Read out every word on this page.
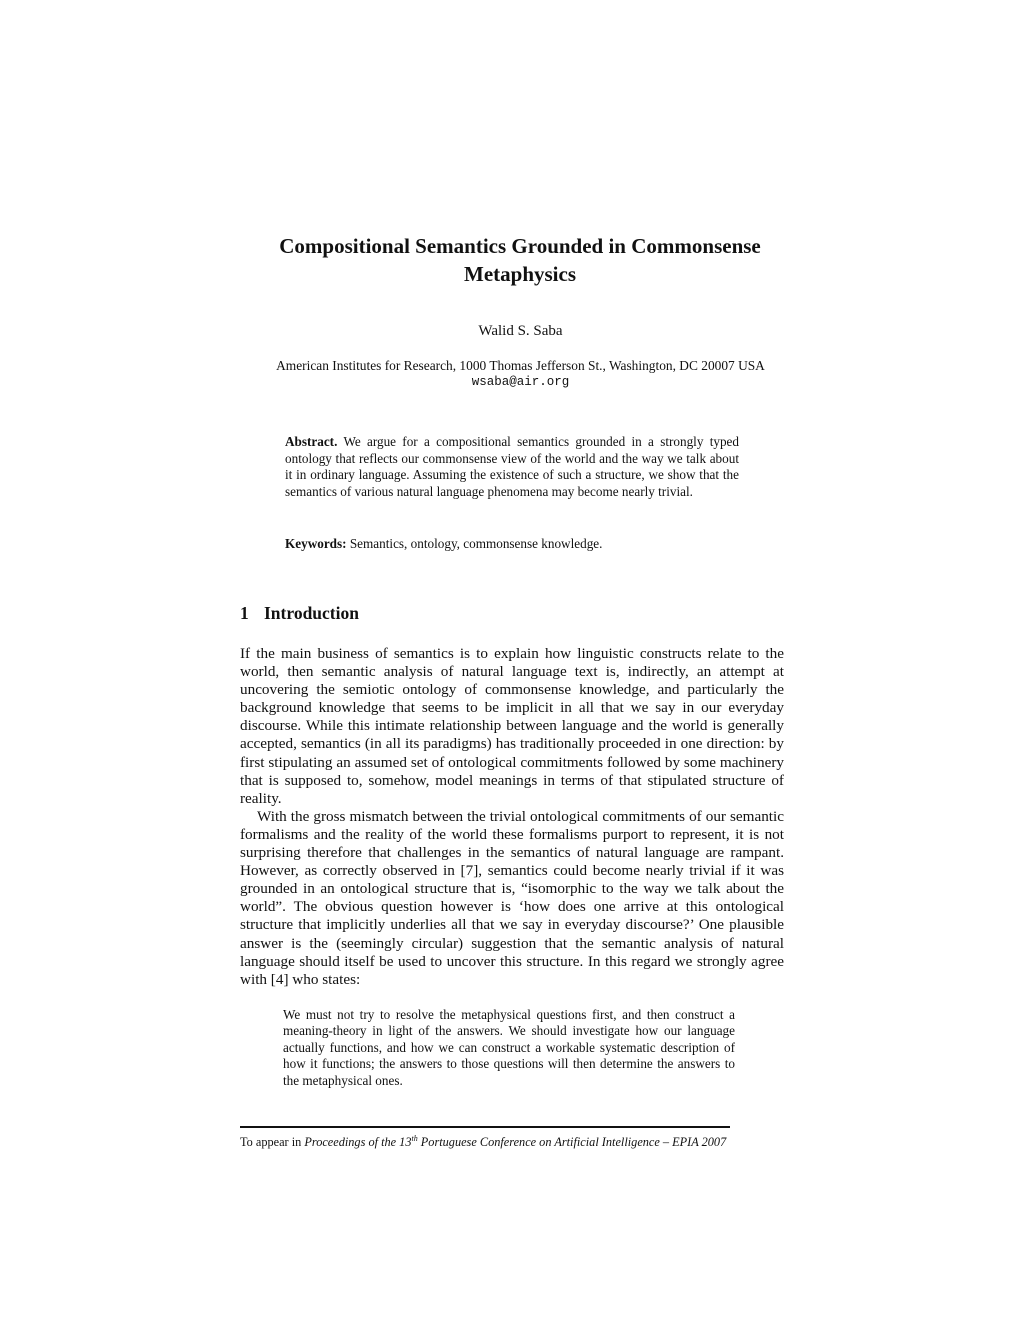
Compositional Semantics Grounded in Commonsense
Metaphysics
Walid S. Saba
American Institutes for Research, 1000 Thomas Jefferson St., Washington, DC 20007 USA
wsaba@air.org
Abstract. We argue for a compositional semantics grounded in a strongly typed ontology that reflects our commonsense view of the world and the way we talk about it in ordinary language. Assuming the existence of such a structure, we show that the semantics of various natural language phenomena may become nearly trivial.
Keywords: Semantics, ontology, commonsense knowledge.
1 Introduction

If the main business of semantics is to explain how linguistic constructs relate to the world, then semantic analysis of natural language text is, indirectly, an attempt at uncovering the semiotic ontology of commonsense knowledge, and particularly the background knowledge that seems to be implicit in all that we say in our everyday discourse. While this intimate relationship between language and the world is generally accepted, semantics (in all its paradigms) has traditionally proceeded in one direction: by first stipulating an assumed set of ontological commitments followed by some machinery that is supposed to, somehow, model meanings in terms of that stipulated structure of reality.

With the gross mismatch between the trivial ontological commitments of our semantic formalisms and the reality of the world these formalisms purport to represent, it is not surprising therefore that challenges in the semantics of natural language are rampant. However, as correctly observed in [7], semantics could become nearly trivial if it was grounded in an ontological structure that is, “isomorphic to the way we talk about the world”. The obvious question however is ‘how does one arrive at this ontological structure that implicitly underlies all that we say in everyday discourse?’ One plausible answer is the (seemingly circular) suggestion that the semantic analysis of natural language should itself be used to uncover this structure. In this regard we strongly agree with [4] who states:

We must not try to resolve the metaphysical questions first, and then construct a meaning-theory in light of the answers. We should investigate how our language actually functions, and how we can construct a workable systematic description of how it functions; the answers to those questions will then determine the answers to the metaphysical ones.
To appear in Proceedings of the 13th Portuguese Conference on Artificial Intelligence – EPIA 2007
